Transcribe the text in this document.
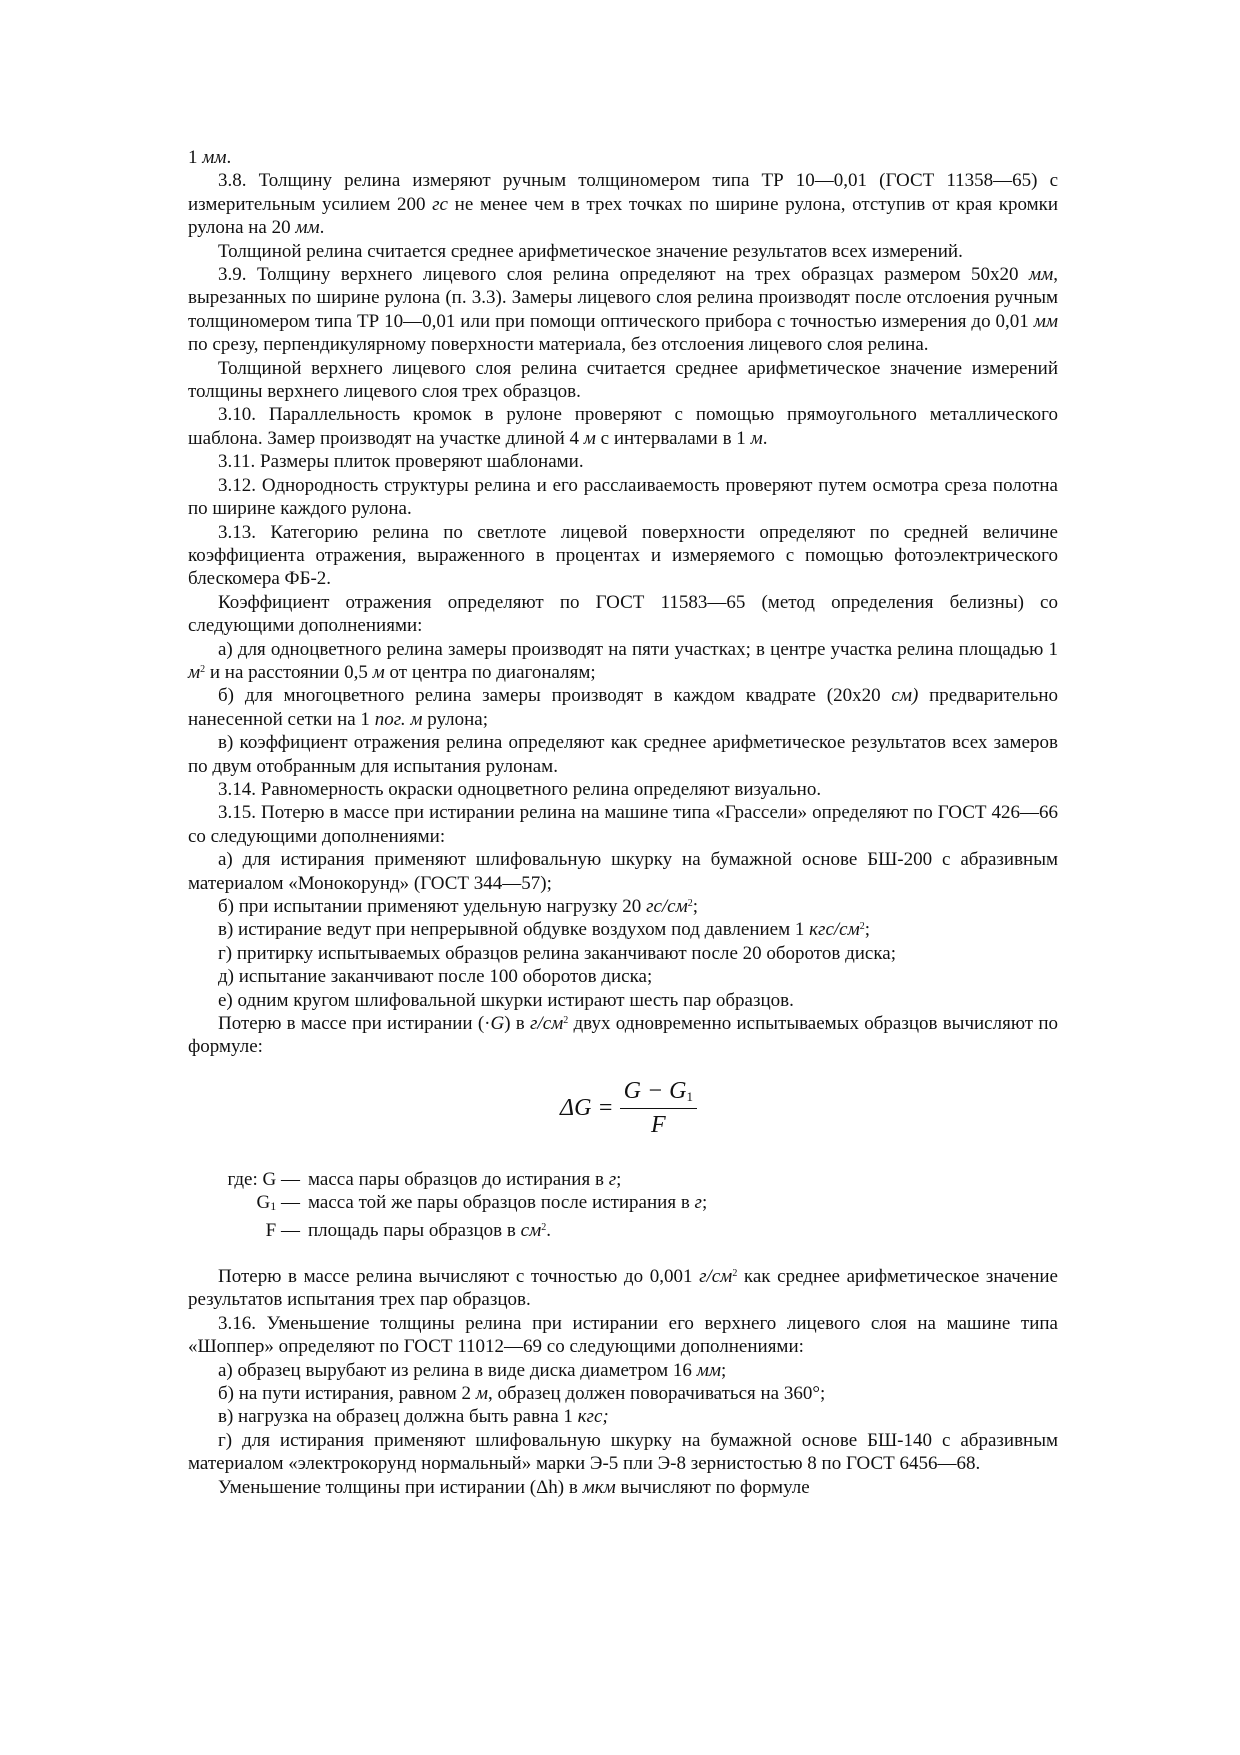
1 мм.

3.8. Толщину релина измеряют ручным толщиномером типа ТР 10—0,01 (ГОСТ 11358—65) с измерительным усилием 200 гс не менее чем в трех точках по ширине рулона, отступив от края кромки рулона на 20 мм.

Толщиной релина считается среднее арифметическое значение результатов всех измерений.

3.9. Толщину верхнего лицевого слоя релина определяют на трех образцах размером 50x20 мм, вырезанных по ширине рулона (п. 3.3). Замеры лицевого слоя релина производят после отслоения ручным толщиномером типа ТР 10—0,01 или при помощи оптического прибора с точностью измерения до 0,01 мм по срезу, перпендикулярному поверхности материала, без отслоения лицевого слоя релина.

Толщиной верхнего лицевого слоя релина считается среднее арифметическое значение измерений толщины верхнего лицевого слоя трех образцов.

3.10. Параллельность кромок в рулоне проверяют с помощью прямоугольного металлического шаблона. Замер производят на участке длиной 4 м с интервалами в 1 м.

3.11. Размеры плиток проверяют шаблонами.

3.12. Однородность структуры релина и его расслаиваемость проверяют путем осмотра среза полотна по ширине каждого рулона.

3.13. Категорию релина по светлоте лицевой поверхности определяют по средней величине коэффициента отражения, выраженного в процентах и измеряемого с помощью фотоэлектрического блескомера ФБ-2.

Коэффициент отражения определяют по ГОСТ 11583—65 (метод определения белизны) со следующими дополнениями:

а) для одноцветного релина замеры производят на пяти участках; в центре участка релина площадью 1 $м^2$ и на расстоянии 0,5 м от центра по диагоналям;

б) для многоцветного релина замеры производят в каждом квадрате (20x20 см) предварительно нанесенной сетки на 1 пог. м рулона;

в) коэффициент отражения релина определяют как среднее арифметическое результатов всех замеров по двум отобранным для испытания рулонам.

3.14. Равномерность окраски одноцветного релина определяют визуально.

3.15. Потерю в массе при истирании релина на машине типа «Грассели» определяют по ГОСТ 426—66 со следующими дополнениями:

а) для истирания применяют шлифовальную шкурку на бумажной основе БШ-200 с абразивным материалом «Монокорунд» (ГОСТ 344—57);

б) при испытании применяют удельную нагрузку 20 $гс/см^2$;

в) истирание ведут при непрерывной обдувке воздухом под давлением 1 кгс/$см^2$;

г) притирку испытываемых образцов релина заканчивают после 20 оборотов диска;

д) испытание заканчивают после 100 оборотов диска;

е) одним кругом шлифовальной шкурки истирают шесть пар образцов.

Потерю в массе при истирании (·G) в $г/см^2$ двух одновременно испытываемых образцов вычисляют по формуле:

$\Delta G = \frac{G - G_1}{F}$
где: G — масса пары образцов до истирания в г;
G1 — масса той же пары образцов после истирания в г;
F — площадь пары образцов в $см^2$.

Потерю в массе релина вычисляют с точностью до 0,001 $г/см^2$ как среднее арифметическое значение результатов испытания трех пар образцов.

3.16. Уменьшение толщины релина при истирании его верхнего лицевого слоя на машине типа «Шоппер» определяют по ГОСТ 11012—69 со следующими дополнениями:

а) образец вырубают из релина в виде диска диаметром 16 мм;

б) на пути истирания, равном 2 м, образец должен поворачиваться на 360°;

в) нагрузка на образец должна быть равна 1 кгс;

г) для истирания применяют шлифовальную шкурку на бумажной основе БШ-140 с абразивным материалом «электрокорунд нормальный» марки Э-5 пли Э-8 зернистостью 8 по ГОСТ 6456—68.

Уменьшение толщины при истирании (Δh) в мкм вычисляют по формуле
